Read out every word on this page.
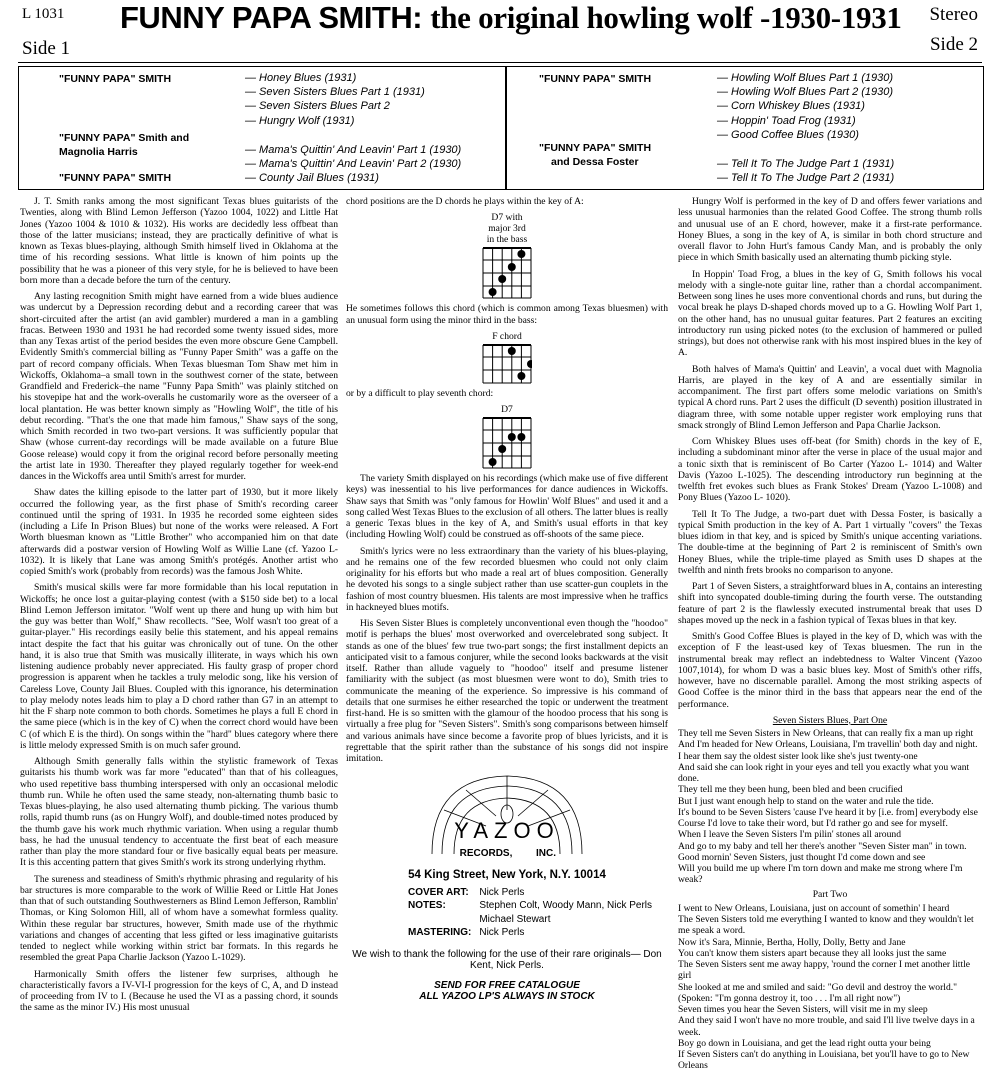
L 1031
Side 1
FUNNY PAPA SMITH: the original howling wolf -1930-1931	Stereo
Side 2
"FUNNY PAPA" SMITH	— Honey Blues (1931)
— Seven Sisters Blues Part 1 (1931)
— Seven Sisters Blues Part 2
— Hungry Wolf (1931)
"FUNNY PAPA" Smith and
Magnolia Harris	— Mama's Quittin' And Leavin' Part 1 (1930)
— Mama's Quittin' And Leavin' Part 2 (1930)
"FUNNY PAPA" SMITH	— County Jail Blues (1931)
"FUNNY PAPA" SMITH	— Howling Wolf Blues Part 1 (1930)
— Howling Wolf Blues Part 2 (1930)
— Corn Whiskey Blues (1931)
— Hoppin' Toad Frog (1931)
— Good Coffee Blues (1930)
"FUNNY PAPA" SMITH
and Dessa Foster	— Tell It To The Judge Part 1 (1931)
— Tell It To The Judge Part 2 (1931)

J. T. Smith ranks among the most significant Texas blues guitarists of the Twenties, along with Blind Lemon Jefferson (Yazoo 1004, 1022) and Little Hat Jones (Yazoo 1004 & 1010 & 1032). His works are decidedly less offbeat than those of the latter musicians; instead, they are practically definitive of what is known as Texas blues-playing, although Smith himself lived in Oklahoma at the time of his recording sessions. What little is known of him points up the possibility that he was a pioneer of this very style, for he is believed to have been born more than a decade before the turn of the century.

Any lasting recognition Smith might have earned from a wide blues audience was undercut by a Depression recording debut and a recording career that was short-circuited after the artist (an avid gambler) murdered a man in a gambling fracas. Between 1930 and 1931 he had recorded some twenty issued sides, more than any Texas artist of the period besides the even more obscure Gene Campbell. Evidently Smith's commercial billing as "Funny Paper Smith" was a gaffe on the part of record company officials. When Texas bluesman Tom Shaw met him in Wickoffs, Oklahoma–a small town in the southwest corner of the state, between Grandfield and Frederick–the name "Funny Papa Smith" was plainly stitched on his stovepipe hat and the work-overalls he customarily wore as the overseer of a local plantation. He was better known simply as "Howling Wolf", the title of his debut recording. "That's the one that made him famous," Shaw says of the song, which Smith recorded in two two-part versions. It was sufficiently popular that Shaw (whose current-day recordings will be made available on a future Blue Goose release) would copy it from the original record before personally meeting the artist late in 1930. Thereafter they played regularly together for week-end dances in the Wickoffs area until Smith's arrest for murder.

Shaw dates the killing episode to the latter part of 1930, but it more likely occurred the following year, as the first phase of Smith's recording career continued until the spring of 1931. In 1935 he recorded some eighteen sides (including a Life In Prison Blues) but none of the works were released. A Fort Worth bluesman known as "Little Brother" who accompanied him on that date afterwards did a postwar version of Howling Wolf as Willie Lane (cf. Yazoo L-1032). It is likely that Lane was among Smith's protégés. Another artist who copied Smith's work (probably from records) was the famous Josh White.

Smith's musical skills were far more formidable than his local reputation in Wickoffs; he once lost a guitar-playing contest (with a $150 side bet) to a local Blind Lemon Jefferson imitator. "Wolf went up there and hung up with him but the guy was better than Wolf," Shaw recollects. "See, Wolf wasn't too great of a guitar-player." His recordings easily belie this statement, and his appeal remains intact despite the fact that his guitar was chronically out of tune. On the other hand, it is also true that Smith was musically illiterate, in ways which his own listening audience probably never appreciated. His faulty grasp of proper chord progression is apparent when he tackles a truly melodic song, like his version of Careless Love, County Jail Blues. Coupled with this ignorance, his determination to play melody notes leads him to play a D chord rather than G7 in an attempt to hit the F sharp note common to both chords. Sometimes he plays a full E chord in the same piece (which is in the key of C) when the correct chord would have been C (of which E is the third). On songs within the "hard" blues category where there is little melody expressed Smith is on much safer ground.

Although Smith generally falls within the stylistic framework of Texas guitarists his thumb work was far more "educated" than that of his colleagues, who used repetitive bass thumbing interspersed with only an occasional melodic thumb run. While he often used the same steady, non-alternating thumb basic to Texas blues-playing, he also used alternating thumb picking. The various thumb rolls, rapid thumb runs (as on Hungry Wolf), and double-timed notes produced by the thumb gave his work much rhythmic variation. When using a regular thumb bass, he had the unusual tendency to accentuate the first beat of each measure rather than play the more standard four or five basically equal beats per measure. It is this accenting pattern that gives Smith's work its strong underlying rhythm.

The sureness and steadiness of Smith's rhythmic phrasing and regularity of his bar structures is more comparable to the work of Willie Reed or Little Hat Jones than that of such outstanding Southwesterners as Blind Lemon Jefferson, Ramblin' Thomas, or King Solomon Hill, all of whom have a somewhat formless quality. Within these regular bar structures, however, Smith made use of the rhythmic variations and changes of accenting that less gifted or less imaginative guitarists tended to neglect while working within strict bar formats. In this regards he resembled the great Papa Charlie Jackson (Yazoo L-1029).

Harmonically Smith offers the listener few surprises, although he characteristically favors a IV-VI-I progression for the keys of C, A, and D instead of proceeding from IV to I. (Because he used the VI as a passing chord, it sounds the same as the minor IV.) His most unusual

chord positions are the D chords he plays within the key of A:

D7 with
major 3rd
in the bass

He sometimes follows this chord (which is common among Texas bluesmen) with an unusual form using the minor third in the bass:

F chord

or by a difficult to play seventh chord:

D7

The variety Smith displayed on his recordings (which make use of five different keys) was inessential to his live performances for dance audiences in Wickoffs. Shaw says that Smith was "only famous for Howlin' Wolf Blues" and used it and a song called West Texas Blues to the exclusion of all others. The latter blues is really a generic Texas blues in the key of A, and Smith's usual efforts in that key (including Howling Wolf) could be construed as off-shoots of the same piece.

Smith's lyrics were no less extraordinary than the variety of his blues-playing, and he remains one of the few recorded bluesmen who could not only claim originality for his efforts but who made a real art of blues composition. Generally he devoted his songs to a single subject rather than use scatter-gun couplets in the fashion of most country bluesmen. His talents are most impressive when he traffics in hackneyed blues motifs.

His Seven Sister Blues is completely unconventional even though the "hoodoo" motif is perhaps the blues' most overworked and overcelebrated song subject. It stands as one of the blues' few true two-part songs; the first installment depicts an anticipated visit to a famous conjurer, while the second looks backwards at the visit itself. Rather than allude vaguely to "hoodoo" itself and presume listener familiarity with the subject (as most bluesmen were wont to do), Smith tries to communicate the meaning of the experience. So impressive is his command of details that one surmises he either researched the topic or underwent the treatment first-hand. He is so smitten with the glamour of the hoodoo process that his song is virtually a free plug for "Seven Sisters". Smith's song comparisons between himself and various animals have since become a favorite prop of blues lyricists, and it is regrettable that the spirit rather than the substance of his songs did not inspire imitation.

YAZOO
RECORDS, INC.
54 King Street, New York, N.Y. 10014
COVER ART:	Nick Perls
NOTES:	Stephen Colt, Woody Mann, Nick Perls
	Michael Stewart
MASTERING:	Nick Perls
We wish to thank the following for the use of their rare originals— Don Kent, Nick Perls.
SEND FOR FREE CATALOGUE
ALL YAZOO LP'S ALWAYS IN STOCK

Hungry Wolf is performed in the key of D and offers fewer variations and less unusual harmonies than the related Good Coffee. The strong thumb rolls and unusual use of an E chord, however, make it a first-rate performance. Honey Blues, a song in the key of A, is similar in both chord structure and overall flavor to John Hurt's famous Candy Man, and is probably the only piece in which Smith basically used an alternating thumb picking style.

In Hoppin' Toad Frog, a blues in the key of G, Smith follows his vocal melody with a single-note guitar line, rather than a chordal accompaniment. Between song lines he uses more conventional chords and runs, but during the vocal break he plays D-shaped chords moved up to a G. Howling Wolf Part 1, on the other hand, has no unusual guitar features. Part 2 features an exciting introductory run using picked notes (to the exclusion of hammered or pulled strings), but does not otherwise rank with his most inspired blues in the key of A.

Both halves of Mama's Quittin' and Leavin', a vocal duet with Magnolia Harris, are played in the key of A and are essentially similar in accompaniment. The first part offers some melodic variations on Smith's typical A chord runs. Part 2 uses the difficult (D seventh) position illustrated in diagram three, with some notable upper register work employing runs that smack strongly of Blind Lemon Jefferson and Papa Charlie Jackson.

Corn Whiskey Blues uses off-beat (for Smith) chords in the key of E, including a subdominant minor after the verse in place of the usual major and a tonic sixth that is reminiscent of Bo Carter (Yazoo L- 1014) and Walter Davis (Yazoo L-1025). The descending introductory run beginning at the twelfth fret evokes such blues as Frank Stokes' Dream (Yazoo L-1008) and Pony Blues (Yazoo L- 1020).

Tell It To The Judge, a two-part duet with Dessa Foster, is basically a typical Smith production in the key of A. Part 1 virtually "covers" the Texas blues idiom in that key, and is spiced by Smith's unique accenting variations. The double-time at the beginning of Part 2 is reminiscent of Smith's own Honey Blues, while the triple-time played as Smith uses D shapes at the twelfth and ninth frets brooks no comparison to anyone.

Part 1 of Seven Sisters, a straightforward blues in A, contains an interesting shift into syncopated double-timing during the fourth verse. The outstanding feature of part 2 is the flawlessly executed instrumental break that uses D shapes moved up the neck in a fashion typical of Texas blues in that key.

Smith's Good Coffee Blues is played in the key of D, which was with the exception of F the least-used key of Texas bluesmen. The run in the instrumental break may reflect an indebtedness to Walter Vincent (Yazoo 1007,1014), for whom D was a basic blues key. Most of Smith's other riffs, however, have no discernable parallel. Among the most striking aspects of Good Coffee is the minor third in the bass that appears near the end of the performance.

Seven Sisters Blues, Part One

They tell me Seven Sisters in New Orleans, that can really fix a man up right

And I'm headed for New Orleans, Louisiana, I'm travellin' both day and night.

I hear them say the oldest sister look like she's just twenty-one

And said she can look right in your eyes and tell you exactly what you want done.

They tell me they been hung, been bled and been crucified

But I just want enough help to stand on the water and rule the tide.

It's bound to be Seven Sisters 'cause I've heard it by [i.e. from] everybody else

Course I'd love to take their word, but I'd rather go and see for myself.

When I leave the Seven Sisters I'm pilin' stones all around

And go to my baby and tell her there's another "Seven Sister man" in town.

Good mornin' Seven Sisters, just thought I'd come down and see

Will you build me up where I'm torn down and make me strong where I'm weak?

Part Two

I went to New Orleans, Louisiana, just on account of somethin' I heard

The Seven Sisters told me everything I wanted to know and they wouldn't let me speak a word.

Now it's Sara, Minnie, Bertha, Holly, Dolly, Betty and Jane

You can't know them sisters apart because they all looks just the same

The Seven Sisters sent me away happy, 'round the corner I met another little girl

She looked at me and smiled and said: "Go devil and destroy the world."

(Spoken: "I'm gonna destroy it, too . . . I'm all right now")

Seven times you hear the Seven Sisters, will visit me in my sleep

And they said I won't have no more trouble, and said I'll live twelve days in a week.

Boy go down in Louisiana, and get the lead right outta your being

If Seven Sisters can't do anything in Louisiana, bet you'll have to go to New Orleans
